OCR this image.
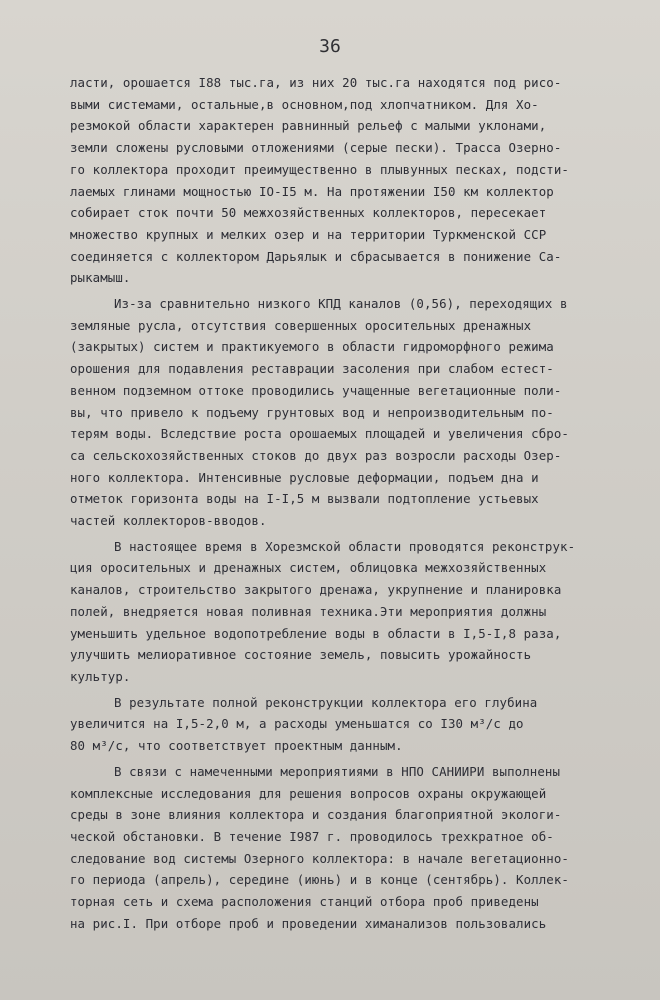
36
ласти, орошается I88 тыс.га, из них 20 тыс.га находятся под рисо-
выми системами, остальные,в основном,под хлопчатником. Для Хо-
резмокой области характерен равнинный рельеф с малыми уклонами,
земли сложены русловыми отложениями (серые пески). Трасса Озерно-
го коллектора проходит преимущественно в плывунных песках, подсти-
лаемых глинами мощностью IO-I5 м. На протяжении I50 км коллектор
собирает сток почти 50 межхозяйственных коллекторов, пересекает
множество крупных и мелких озер и на территории Туркменской ССР
соединяется с коллектором Дарьялык и сбрасывается в понижение Са-
рыкамыш.
Из-за сравнительно низкого КПД каналов (0,56), переходящих в
земляные русла, отсутствия совершенных оросительных дренажных
(закрытых) систем и практикуемого в области гидроморфного режима
орошения для подавления реставрации засоления при слабом естест-
венном подземном оттоке проводились учащенные вегетационные поли-
вы, что привело к подъему грунтовых вод и непроизводительным по-
терям воды. Вследствие роста орошаемых площадей и увеличения сбро-
са сельскохозяйственных стоков до двух раз возросли расходы Озер-
ного коллектора. Интенсивные русловые деформации, подъем дна и
отметок горизонта воды на I-I,5 м вызвали подтопление устьевых
частей коллекторов-вводов.
В настоящее время в Хорезмской области проводятся реконструк-
ция оросительных и дренажных систем, облицовка межхозяйственных
каналов, строительство закрытого дренажа, укрупнение и планировка
полей, внедряется новая поливная техника.Эти мероприятия должны
уменьшить удельное водопотребление воды в области в I,5-I,8 раза,
улучшить мелиоративное состояние земель, повысить урожайность
культур.
В результате полной реконструкции коллектора его глубина
увеличится на I,5-2,0 м, а расходы уменьшатся со I30 м³/с до
80 м³/с, что соответствует проектным данным.
В связи с намеченными мероприятиями в НПО САНИИРИ выполнены
комплексные исследования для решения вопросов охраны окружающей
среды в зоне влияния коллектора и создания благоприятной экологи-
ческой обстановки. В течение I987 г. проводилось трехкратное об-
следование вод системы Озерного коллектора: в начале вегетационно-
го периода (апрель), середине (июнь) и в конце (сентябрь). Коллек-
торная сеть и схема расположения станций отбора проб приведены
на рис.I. При отборе проб и проведении химанализов пользовались
